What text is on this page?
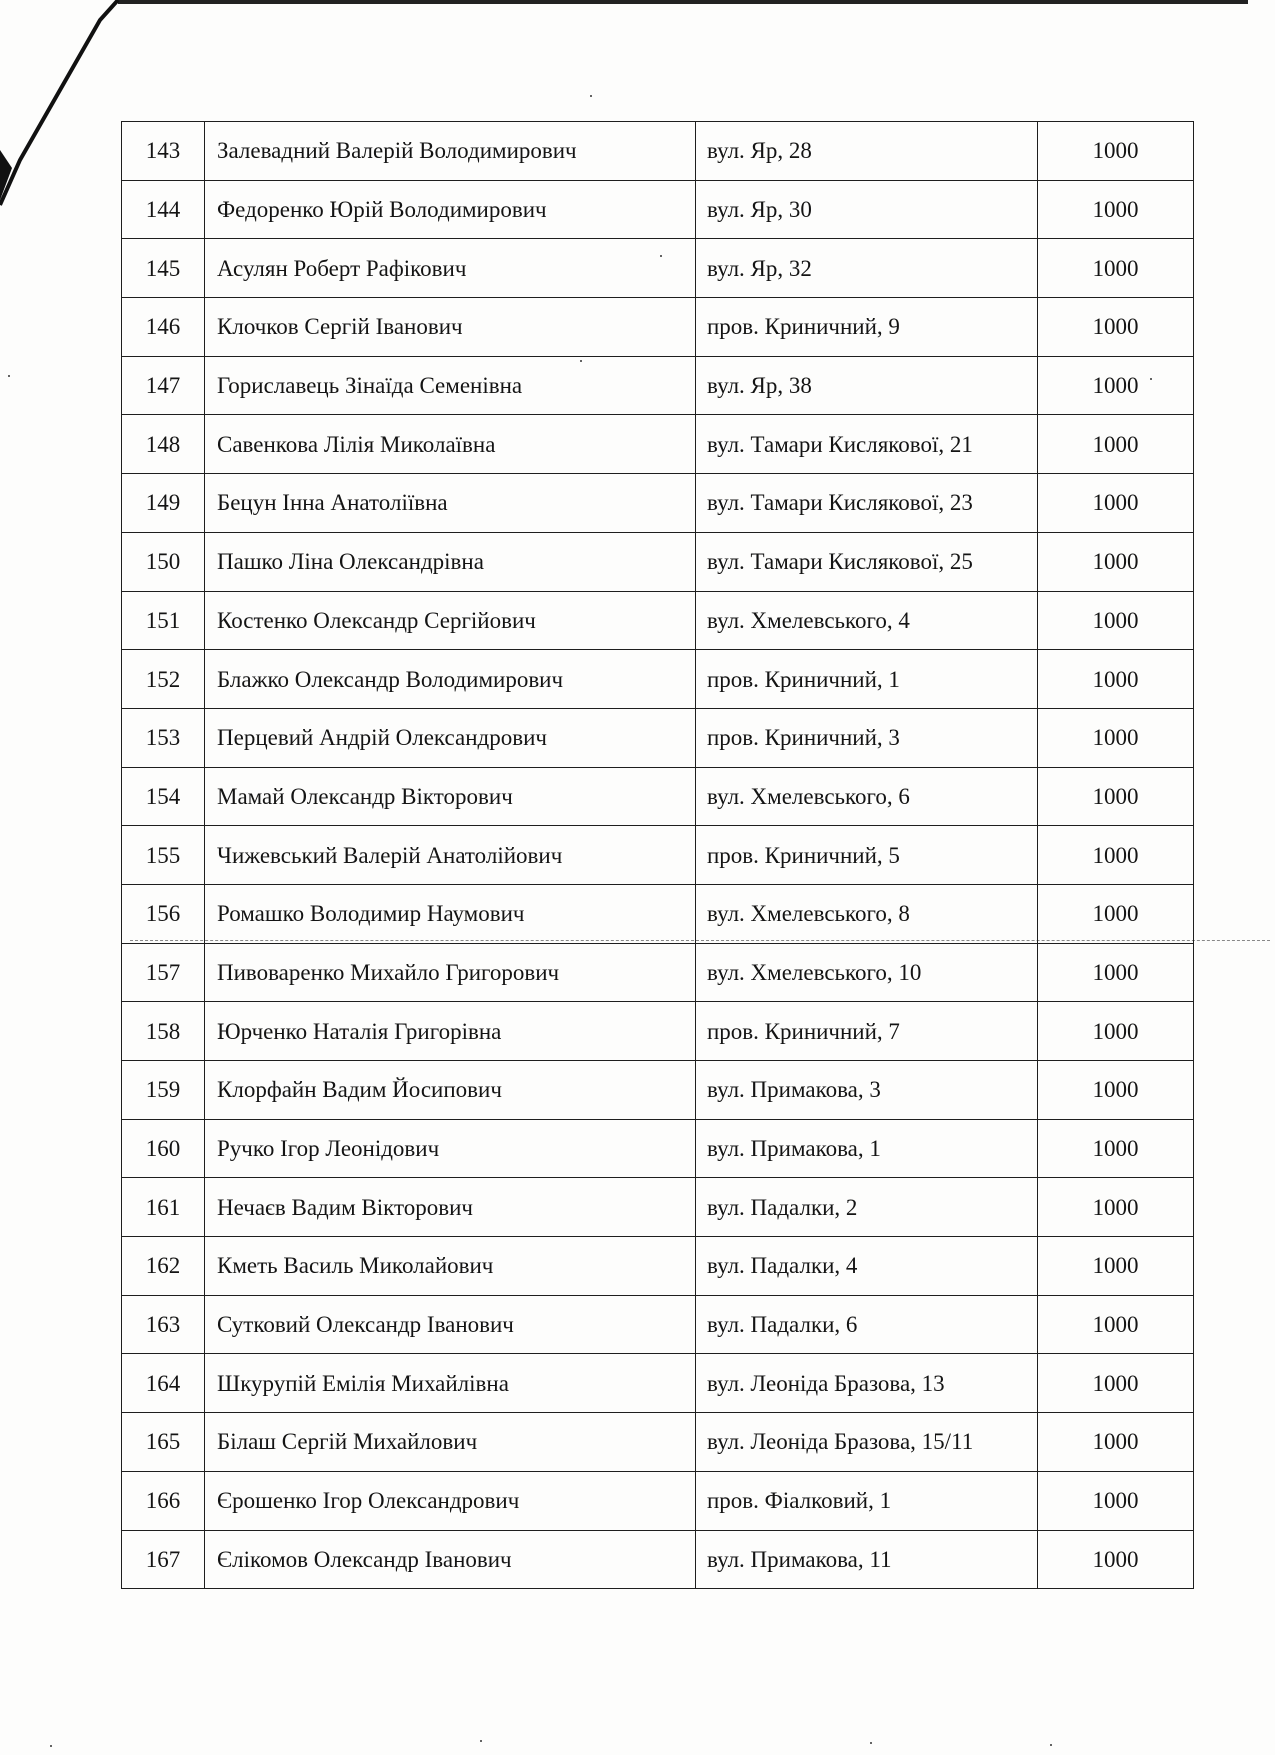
143	Залевадний Валерій Володимирович	вул. Яр, 28	1000
144	Федоренко Юрій Володимирович	вул. Яр, 30	1000
145	Асулян Роберт Рафікович	вул. Яр, 32	1000
146	Клочков Сергій Іванович	пров. Криничний, 9	1000
147	Гориславець Зінаїда Семенівна	вул. Яр, 38	1000
148	Савенкова Лілія Миколаївна	вул. Тамари Кислякової, 21	1000
149	Бецун Інна Анатоліївна	вул. Тамари Кислякової, 23	1000
150	Пашко Ліна Олександрівна	вул. Тамари Кислякової, 25	1000
151	Костенко Олександр Сергійович	вул. Хмелевського, 4	1000
152	Блажко Олександр Володимирович	пров. Криничний, 1	1000
153	Перцевий Андрій Олександрович	пров. Криничний, 3	1000
154	Мамай Олександр Вікторович	вул. Хмелевського, 6	1000
155	Чижевський Валерій Анатолійович	пров. Криничний, 5	1000
156	Ромашко Володимир Наумович	вул. Хмелевського, 8	1000
157	Пивоваренко Михайло Григорович	вул. Хмелевського, 10	1000
158	Юрченко Наталія Григорівна	пров. Криничний, 7	1000
159	Клорфайн Вадим Йосипович	вул. Примакова, 3	1000
160	Ручко Ігор Леонідович	вул. Примакова, 1	1000
161	Нечаєв Вадим Вікторович	вул. Падалки, 2	1000
162	Кметь Василь Миколайович	вул. Падалки, 4	1000
163	Сутковий Олександр Іванович	вул. Падалки, 6	1000
164	Шкурупій Емілія Михайлівна	вул. Леоніда Бразова, 13	1000
165	Білаш Сергій Михайлович	вул. Леоніда Бразова, 15/11	1000
166	Єрошенко Ігор Олександрович	пров. Фіалковий, 1	1000
167	Єлікомов Олександр Іванович	вул. Примакова, 11	1000
